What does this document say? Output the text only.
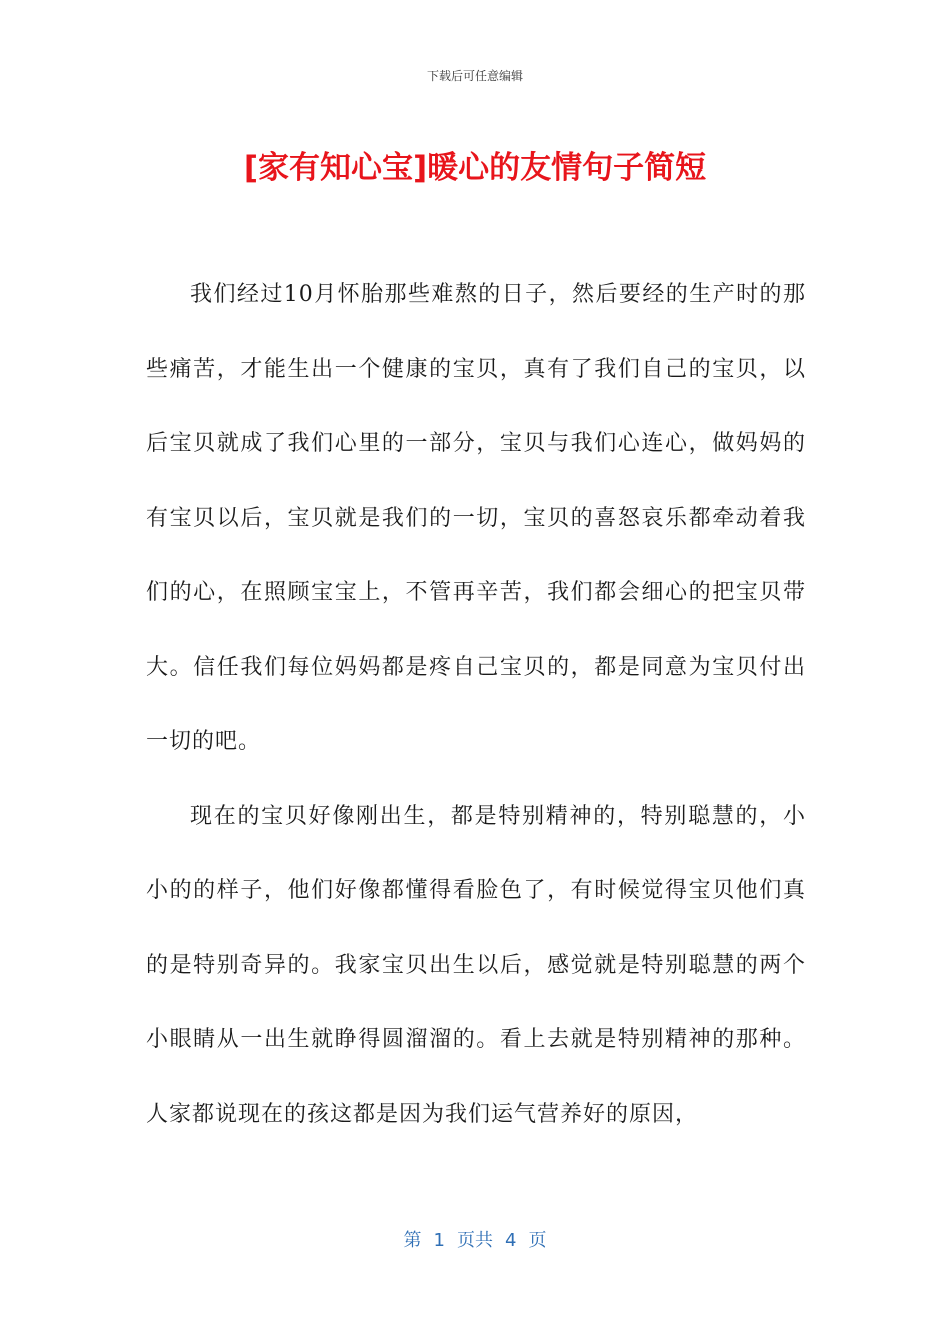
下载后可任意编辑
[家有知心宝]暖心的友情句子简短

我们经过10月怀胎那些难熬的日子，然后要经的生产时的那些痛苦，才能生出一个健康的宝贝，真有了我们自己的宝贝，以后宝贝就成了我们心里的一部分，宝贝与我们心连心，做妈妈的有宝贝以后，宝贝就是我们的一切，宝贝的喜怒哀乐都牵动着我们的心，在照顾宝宝上，不管再辛苦，我们都会细心的把宝贝带大。信任我们每位妈妈都是疼自己宝贝的，都是同意为宝贝付出一切的吧。

现在的宝贝好像刚出生，都是特别精神的，特别聪慧的，小小的的样子，他们好像都懂得看脸色了，有时候觉得宝贝他们真的是特别奇异的。我家宝贝出生以后，感觉就是特别聪慧的两个小眼睛从一出生就睁得圆溜溜的。看上去就是特别精神的那种。人家都说现在的孩这都是因为我们运气营养好的原因，

第 1 页共 4 页
